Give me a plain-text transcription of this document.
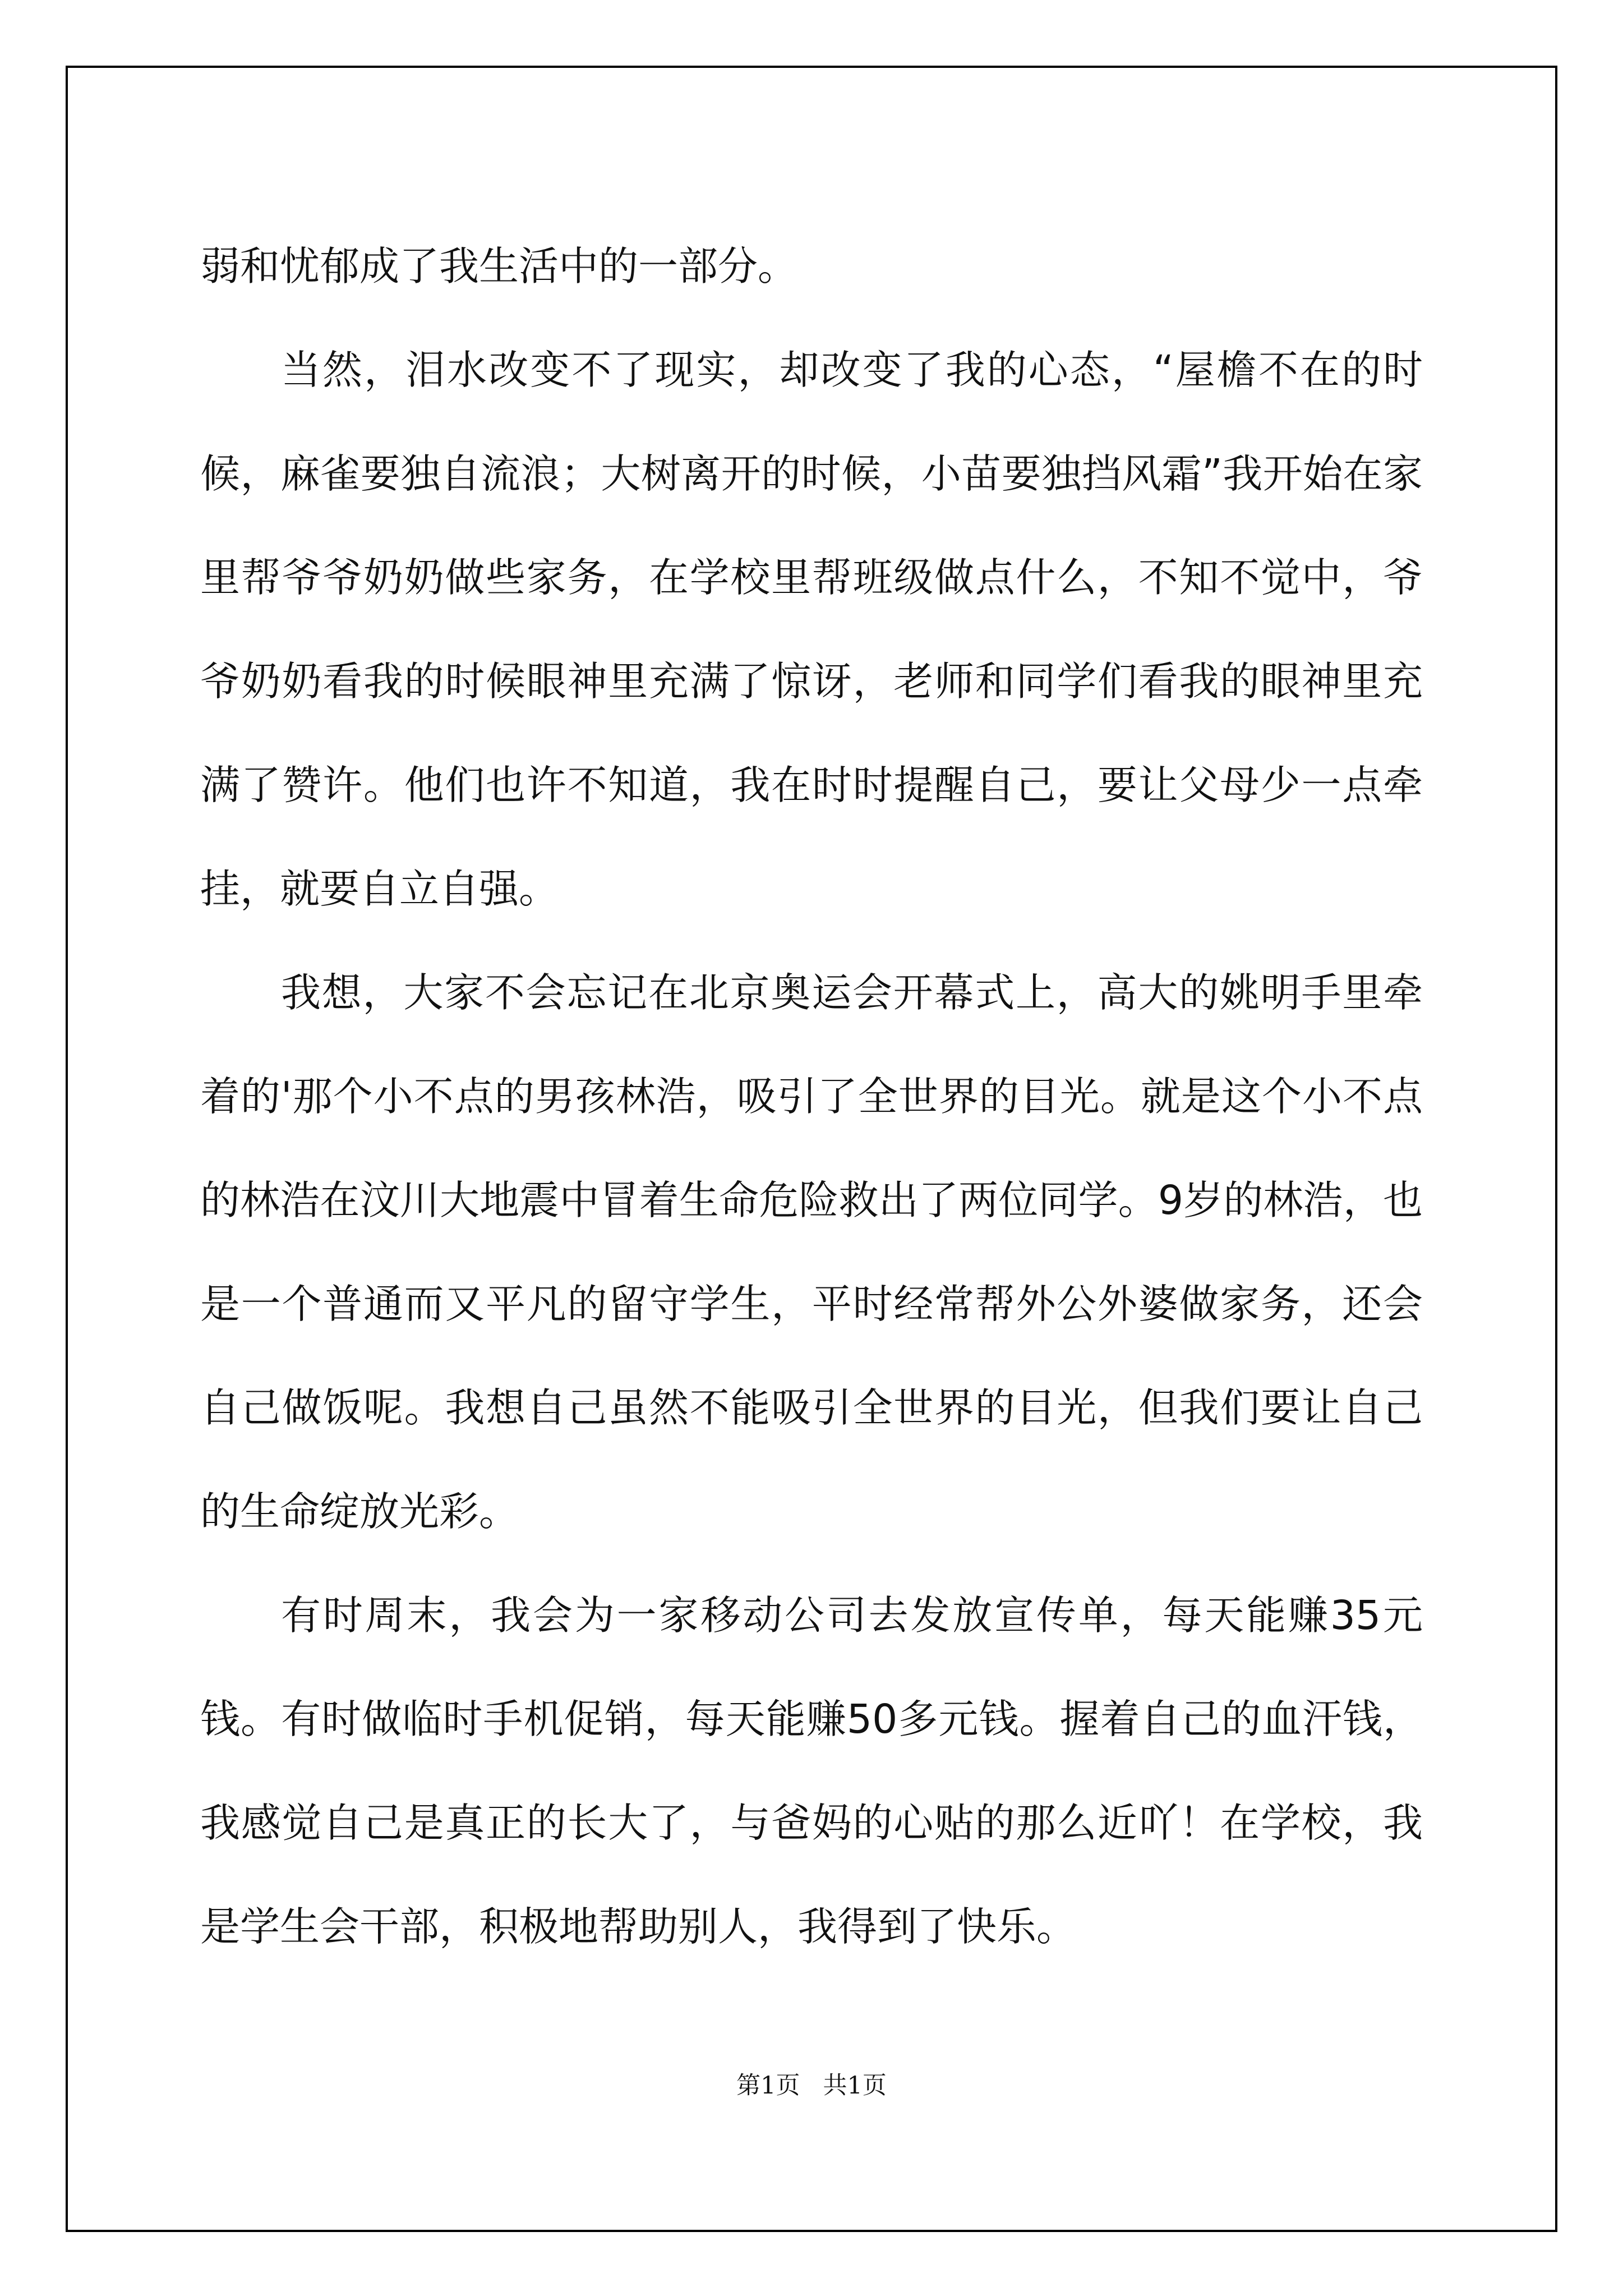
弱和忧郁成了我生活中的一部分。

当然，泪水改变不了现实，却改变了我的心态，“屋檐不在的时候，麻雀要独自流浪；大树离开的时候，小苗要独挡风霜”我开始在家里帮爷爷奶奶做些家务，在学校里帮班级做点什么，不知不觉中，爷爷奶奶看我的时候眼神里充满了惊讶，老师和同学们看我的眼神里充满了赞许。他们也许不知道，我在时时提醒自己，要让父母少一点牵挂，就要自立自强。

我想，大家不会忘记在北京奥运会开幕式上，高大的姚明手里牵着的'那个小不点的男孩林浩，吸引了全世界的目光。就是这个小不点的林浩在汶川大地震中冒着生命危险救出了两位同学。9岁的林浩，也是一个普通而又平凡的留守学生，平时经常帮外公外婆做家务，还会自己做饭呢。我想自己虽然不能吸引全世界的目光，但我们要让自己的生命绽放光彩。

有时周末，我会为一家移动公司去发放宣传单，每天能赚35元钱。有时做临时手机促销，每天能赚50多元钱。握着自己的血汗钱，我感觉自己是真正的长大了，与爸妈的心贴的那么近吖！在学校，我是学生会干部，积极地帮助别人，我得到了快乐。

第1页   共1页
